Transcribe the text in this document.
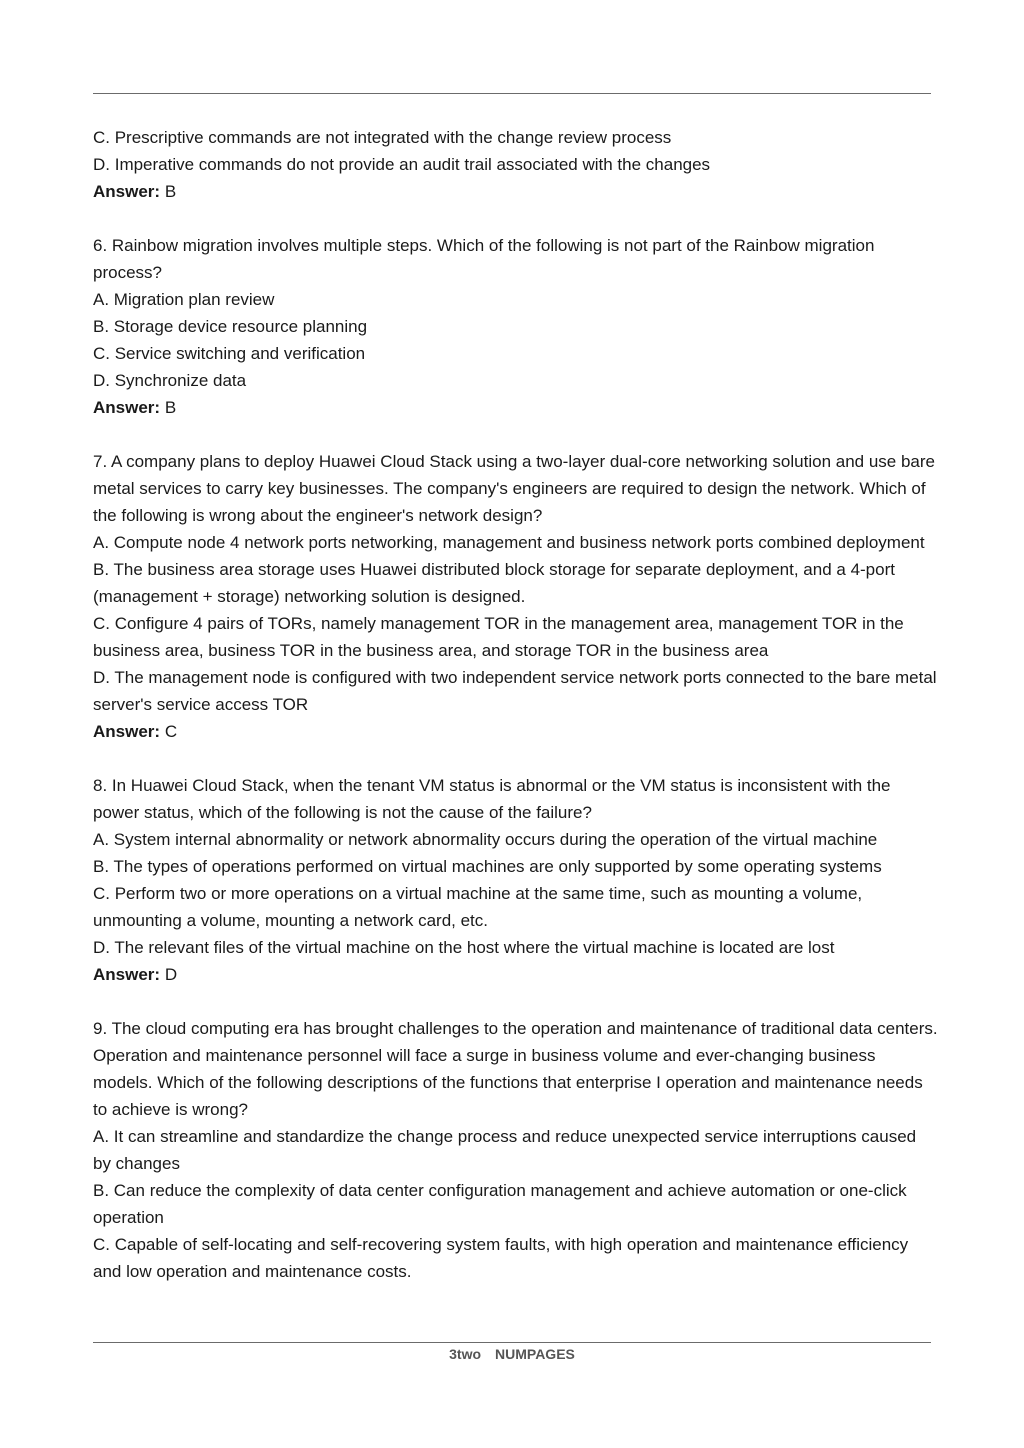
C. Prescriptive commands are not integrated with the change review process
D. Imperative commands do not provide an audit trail associated with the changes
Answer: B
6. Rainbow migration involves multiple steps. Which of the following is not part of the Rainbow migration process?
A. Migration plan review
B. Storage device resource planning
C. Service switching and verification
D. Synchronize data
Answer: B
7. A company plans to deploy Huawei Cloud Stack using a two-layer dual-core networking solution and use bare metal services to carry key businesses. The company's engineers are required to design the network. Which of the following is wrong about the engineer's network design?
A. Compute node 4 network ports networking, management and business network ports combined deployment
B. The business area storage uses Huawei distributed block storage for separate deployment, and a 4-port (management + storage) networking solution is designed.
C. Configure 4 pairs of TORs, namely management TOR in the management area, management TOR in the business area, business TOR in the business area, and storage TOR in the business area
D. The management node is configured with two independent service network ports connected to the bare metal server's service access TOR
Answer: C
8. In Huawei Cloud Stack, when the tenant VM status is abnormal or the VM status is inconsistent with the power status, which of the following is not the cause of the failure?
A. System internal abnormality or network abnormality occurs during the operation of the virtual machine
B. The types of operations performed on virtual machines are only supported by some operating systems
C. Perform two or more operations on a virtual machine at the same time, such as mounting a volume, unmounting a volume, mounting a network card, etc.
D. The relevant files of the virtual machine on the host where the virtual machine is located are lost
Answer: D
9. The cloud computing era has brought challenges to the operation and maintenance of traditional data centers. Operation and maintenance personnel will face a surge in business volume and ever-changing business models. Which of the following descriptions of the functions that enterprise I operation and maintenance needs to achieve is wrong?
A. It can streamline and standardize the change process and reduce unexpected service interruptions caused by changes
B. Can reduce the complexity of data center configuration management and achieve automation or one-click operation
C. Capable of self-locating and self-recovering system faults, with high operation and maintenance efficiency and low operation and maintenance costs.
3two NUMPAGES
